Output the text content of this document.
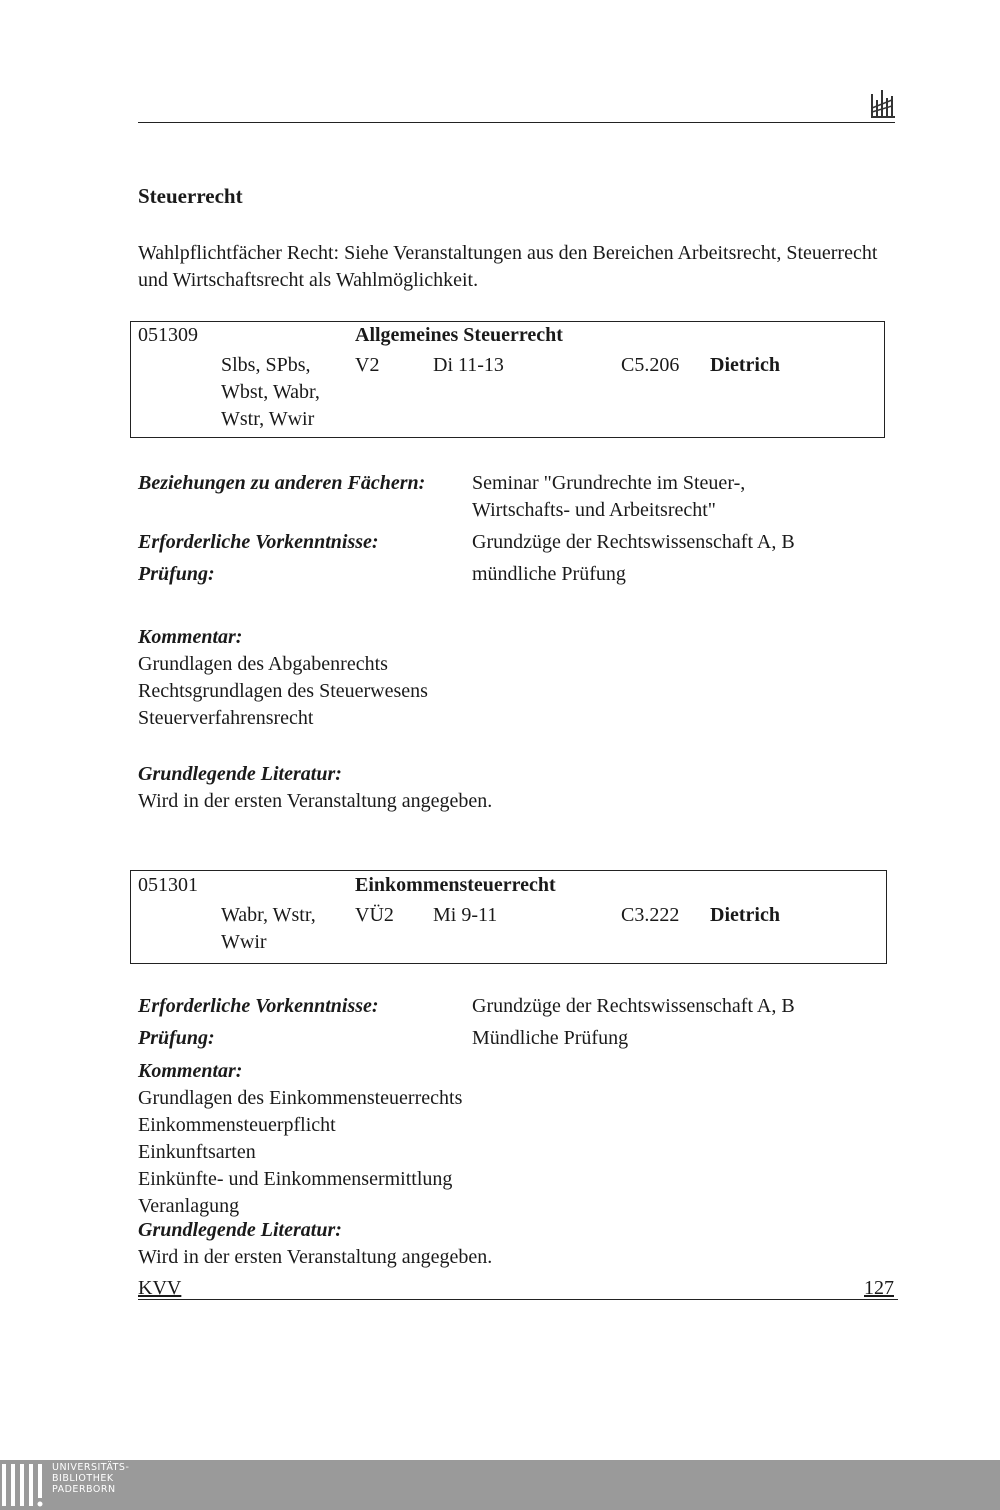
Steuerrecht

Wahlpflichtfächer Recht: Siehe Veranstaltungen aus den Bereichen Arbeitsrecht, Steuerrecht und Wirtschaftsrecht als Wahlmöglichkeit.

051309	Allgemeines Steuerrecht
Slbs, SPbs,
Wbst, Wabr,
Wstr, Wwir
V2	Di 11-13	C5.206 Dietrich
Beziehungen zu anderen Fächern: Seminar "Grundrechte im Steuer-,
Wirtschafts- und Arbeitsrecht"
Erforderliche Vorkenntnisse:	Grundzüge der Rechtswissenschaft A, B
Prüfung:	mündliche Prüfung
Kommentar:
Grundlagen des Abgabenrechts
Rechtsgrundlagen des Steuerwesens
Steuerverfahrensrecht
Grundlegende Literatur:
Wird in der ersten Veranstaltung angegeben.
051301	Einkommensteuerrecht
Wabr, Wstr,
Wwir
VÜ2 Mi 9-11	C3.222 Dietrich
Erforderliche Vorkenntnisse:	Grundzüge der Rechtswissenschaft A, B
Prüfung:	Mündliche Prüfung
Kommentar:
Grundlagen des Einkommensteuerrechts
Einkommensteuerpflicht
Einkunftsarten
Einkünfte- und Einkommensermittlung
Veranlagung
Grundlegende Literatur:
Wird in der ersten Veranstaltung angegeben.
KVV	127
UNIVERSITÄTS-
BIBLIOTHEK
PADERBORN
